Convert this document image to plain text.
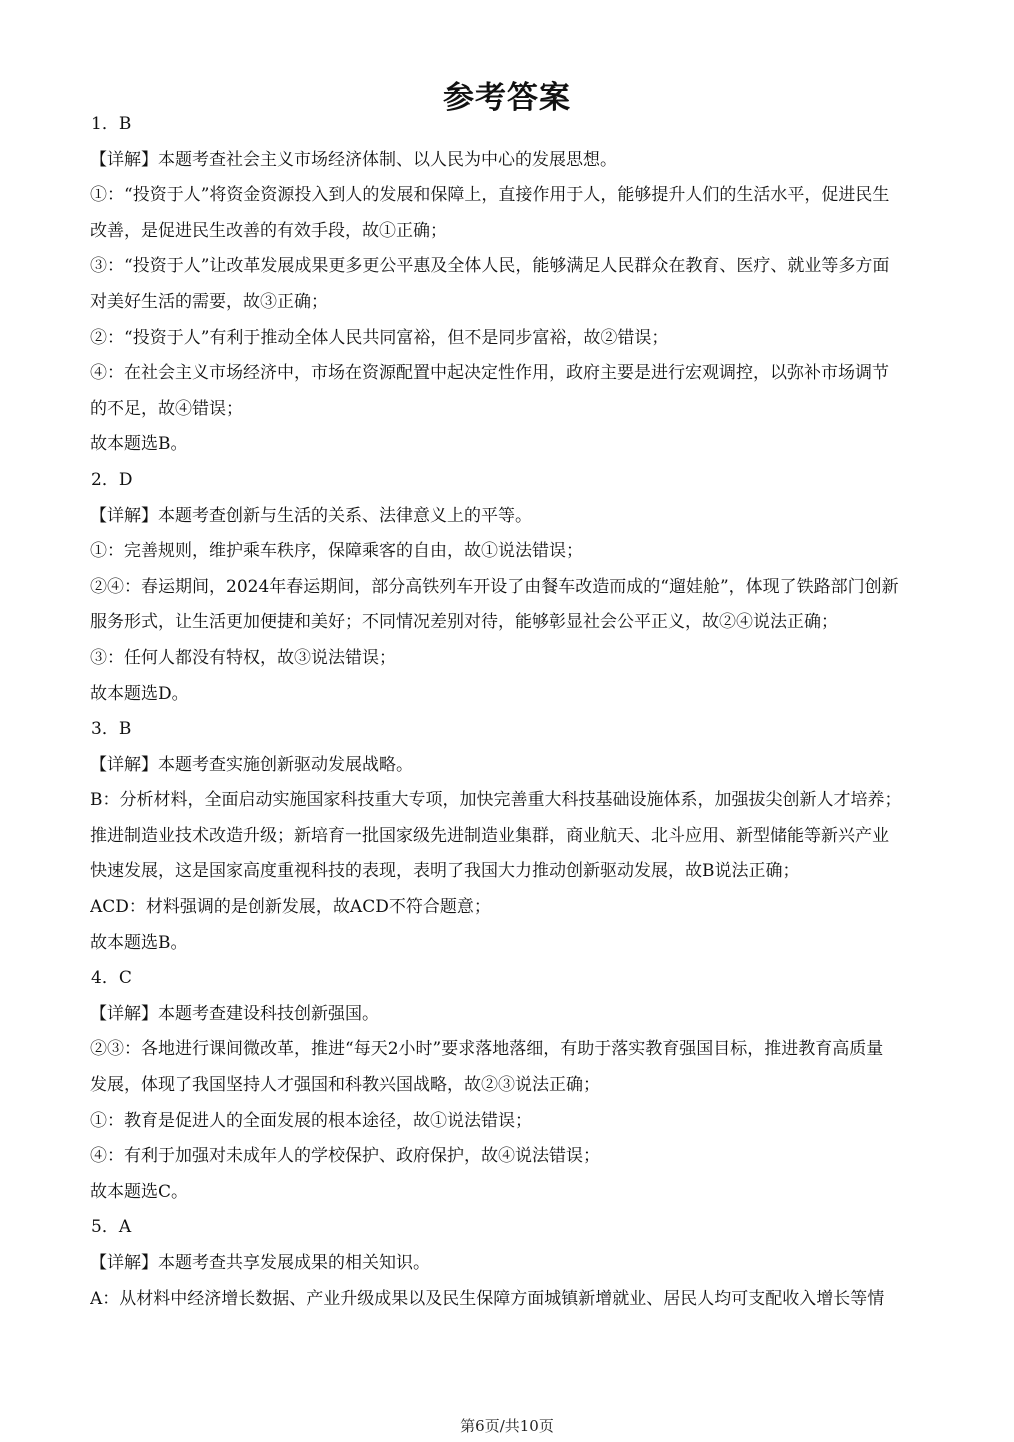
参考答案
1．B
【详解】本题考查社会主义市场经济体制、以人民为中心的发展思想。
①：“投资于人”将资金资源投入到人的发展和保障上，直接作用于人，能够提升人们的生活水平，促进民生
改善，是促进民生改善的有效手段，故①正确；
③：“投资于人”让改革发展成果更多更公平惠及全体人民，能够满足人民群众在教育、医疗、就业等多方面
对美好生活的需要，故③正确；
②：“投资于人”有利于推动全体人民共同富裕，但不是同步富裕，故②错误；
④：在社会主义市场经济中，市场在资源配置中起决定性作用，政府主要是进行宏观调控，以弥补市场调节
的不足，故④错误；
故本题选B。
2．D
【详解】本题考查创新与生活的关系、法律意义上的平等。
①：完善规则，维护乘车秩序，保障乘客的自由，故①说法错误；
②④：春运期间，2024年春运期间，部分高铁列车开设了由餐车改造而成的“遛娃舱”，体现了铁路部门创新
服务形式，让生活更加便捷和美好；不同情况差别对待，能够彰显社会公平正义，故②④说法正确；
③：任何人都没有特权，故③说法错误；
故本题选D。
3．B
【详解】本题考查实施创新驱动发展战略。
B：分析材料，全面启动实施国家科技重大专项，加快完善重大科技基础设施体系，加强拔尖创新人才培养；
推进制造业技术改造升级；新培育一批国家级先进制造业集群，商业航天、北斗应用、新型储能等新兴产业
快速发展，这是国家高度重视科技的表现，表明了我国大力推动创新驱动发展，故B说法正确；
ACD：材料强调的是创新发展，故ACD不符合题意；
故本题选B。
4．C
【详解】本题考查建设科技创新强国。
②③：各地进行课间微改革，推进“每天2小时”要求落地落细，有助于落实教育强国目标，推进教育高质量
发展，体现了我国坚持人才强国和科教兴国战略，故②③说法正确；
①：教育是促进人的全面发展的根本途径，故①说法错误；
④：有利于加强对未成年人的学校保护、政府保护，故④说法错误；
故本题选C。
5．A
【详解】本题考查共享发展成果的相关知识。
A：从材料中经济增长数据、产业升级成果以及民生保障方面城镇新增就业、居民人均可支配收入增长等情
第6页/共10页
